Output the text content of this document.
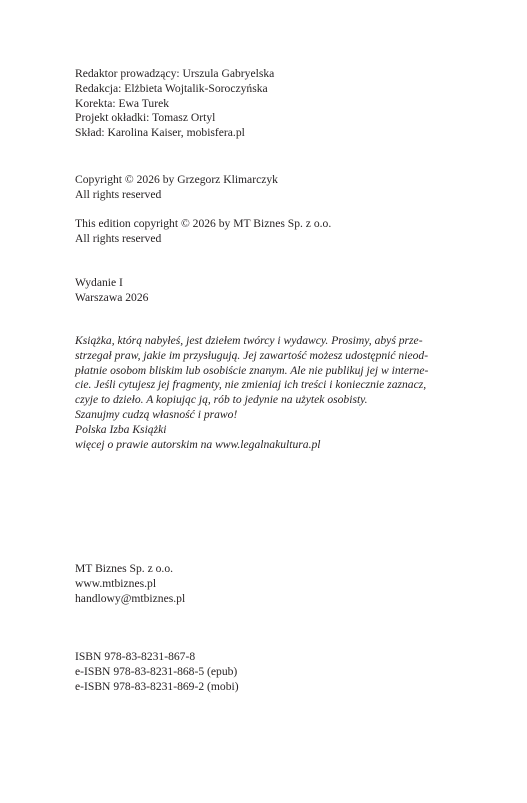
Redaktor prowadzący: Urszula Gabryelska
Redakcja: Elżbieta Wojtalik-Soroczyńska
Korekta: Ewa Turek
Projekt okładki: Tomasz Ortyl
Skład: Karolina Kaiser, mobisfera.pl
Copyright © 2026 by Grzegorz Klimarczyk
All rights reserved
This edition copyright © 2026 by MT Biznes Sp. z o.o.
All rights reserved
Wydanie I
Warszawa 2026
Książka, którą nabyłeś, jest dziełem twórcy i wydawcy. Prosimy, abyś prze-
strzegał praw, jakie im przysługują. Jej zawartość możesz udostępnić nieod-
płatnie osobom bliskim lub osobiście znanym. Ale nie publikuj jej w interne-
cie. Jeśli cytujesz jej fragmenty, nie zmieniaj ich treści i koniecznie zaznacz,
czyje to dzieło. A kopiując ją, rób to jedynie na użytek osobisty.
Szanujmy cudzą własność i prawo!
Polska Izba Książki
więcej o prawie autorskim na www.legalnakultura.pl
MT Biznes Sp. z o.o.
www.mtbiznes.pl
handlowy@mtbiznes.pl
ISBN 978-83-8231-867-8
e-ISBN 978-83-8231-868-5 (epub)
e-ISBN 978-83-8231-869-2 (mobi)
